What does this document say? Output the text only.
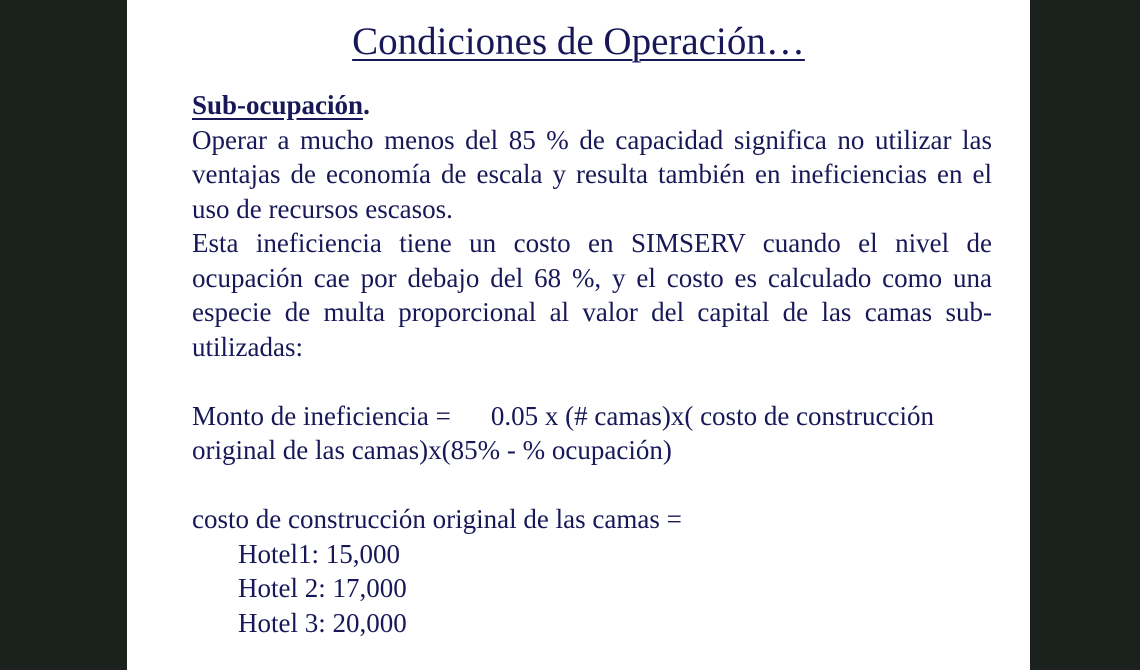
Condiciones de Operación…

Sub-ocupación.

Operar a mucho menos del 85 % de capacidad significa no utilizar las ventajas de economía de escala y resulta también en ineficiencias en el uso de recursos escasos.

Esta ineficiencia tiene un costo en SIMSERV cuando el nivel de ocupación cae por debajo del 68 %, y el costo es calculado como una especie de multa proporcional al valor del capital de las camas sub-utilizadas:

Monto de ineficiencia = 0.05 x (# camas)x( costo de construcción

original de las camas)x(85% - % ocupación)

costo de construcción original de las camas =

Hotel1: 15,000
Hotel 2: 17,000
Hotel 3: 20,000
